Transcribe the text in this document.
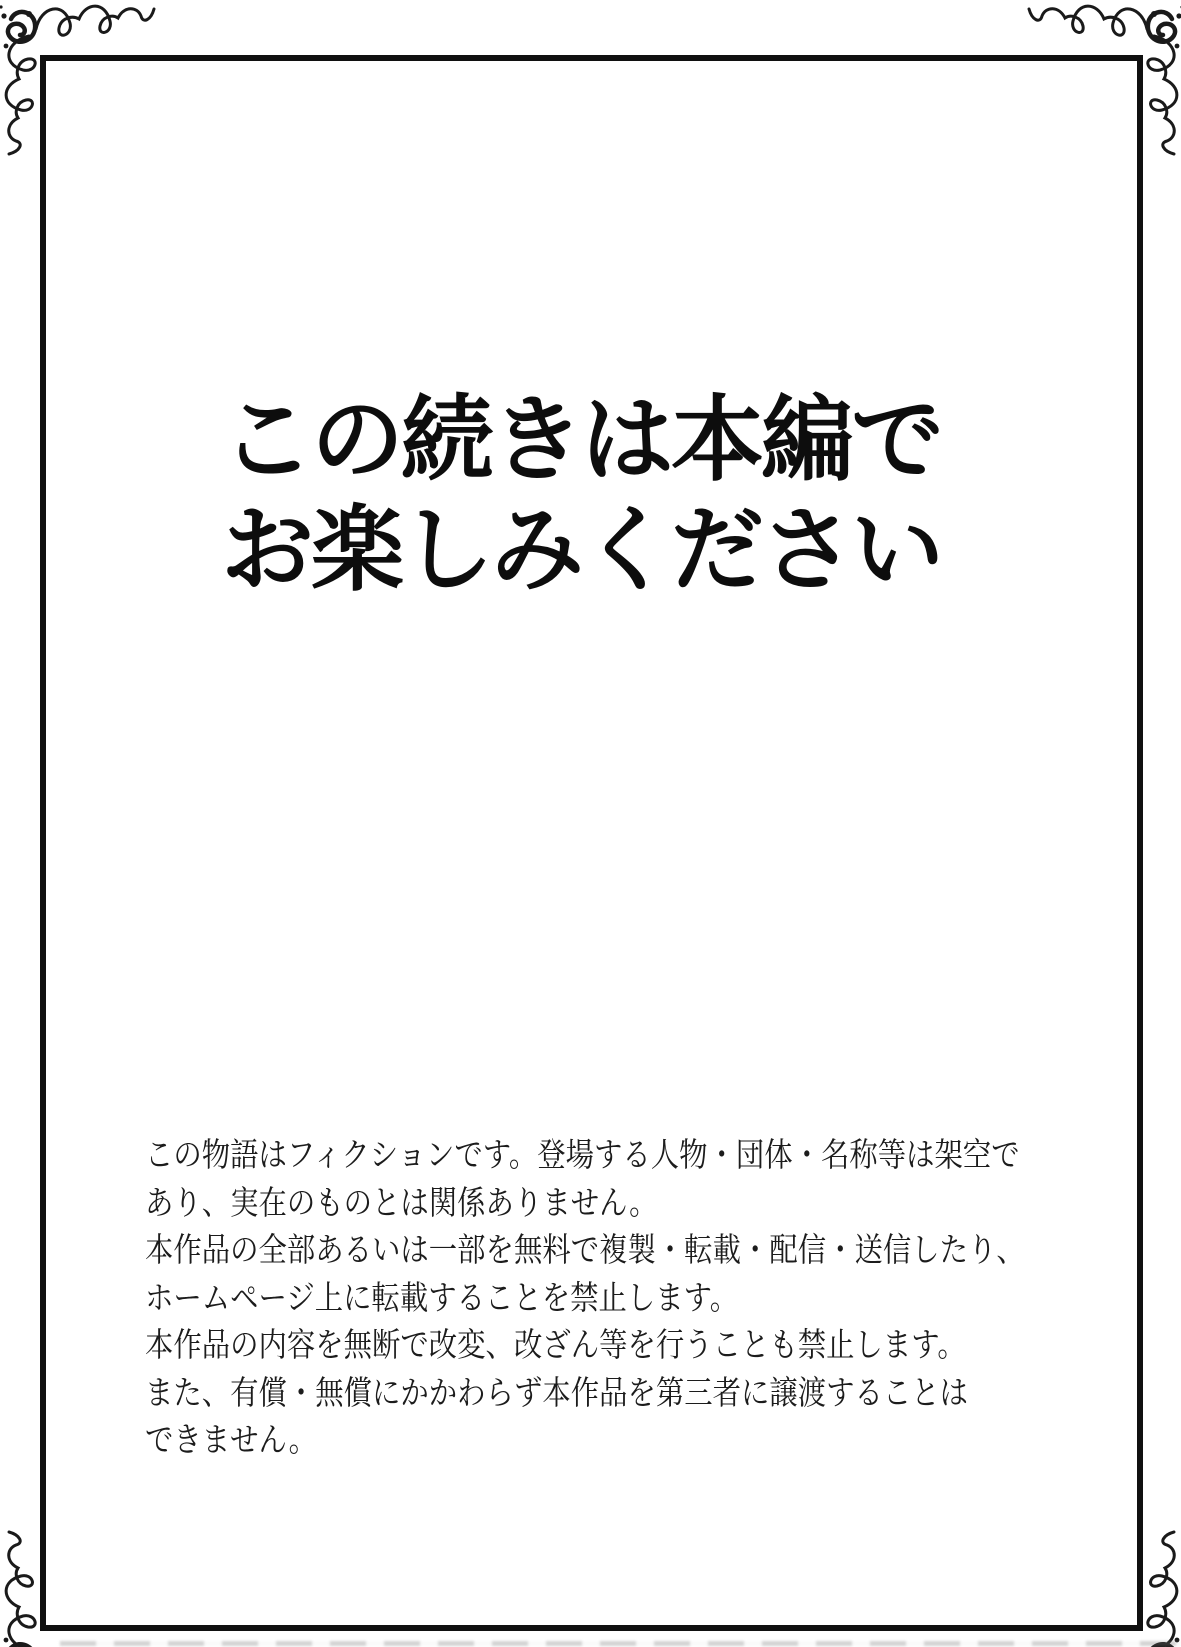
この続きは本編で
お楽しみください
この物語はフィクションです。登場する人物・団体・名称等は架空で
あり、実在のものとは関係ありません。
本作品の全部あるいは一部を無料で複製・転載・配信・送信したり、
ホームページ上に転載することを禁止します。
本作品の内容を無断で改変、改ざん等を行うことも禁止します。
また、有償・無償にかかわらず本作品を第三者に譲渡することは
できません。
